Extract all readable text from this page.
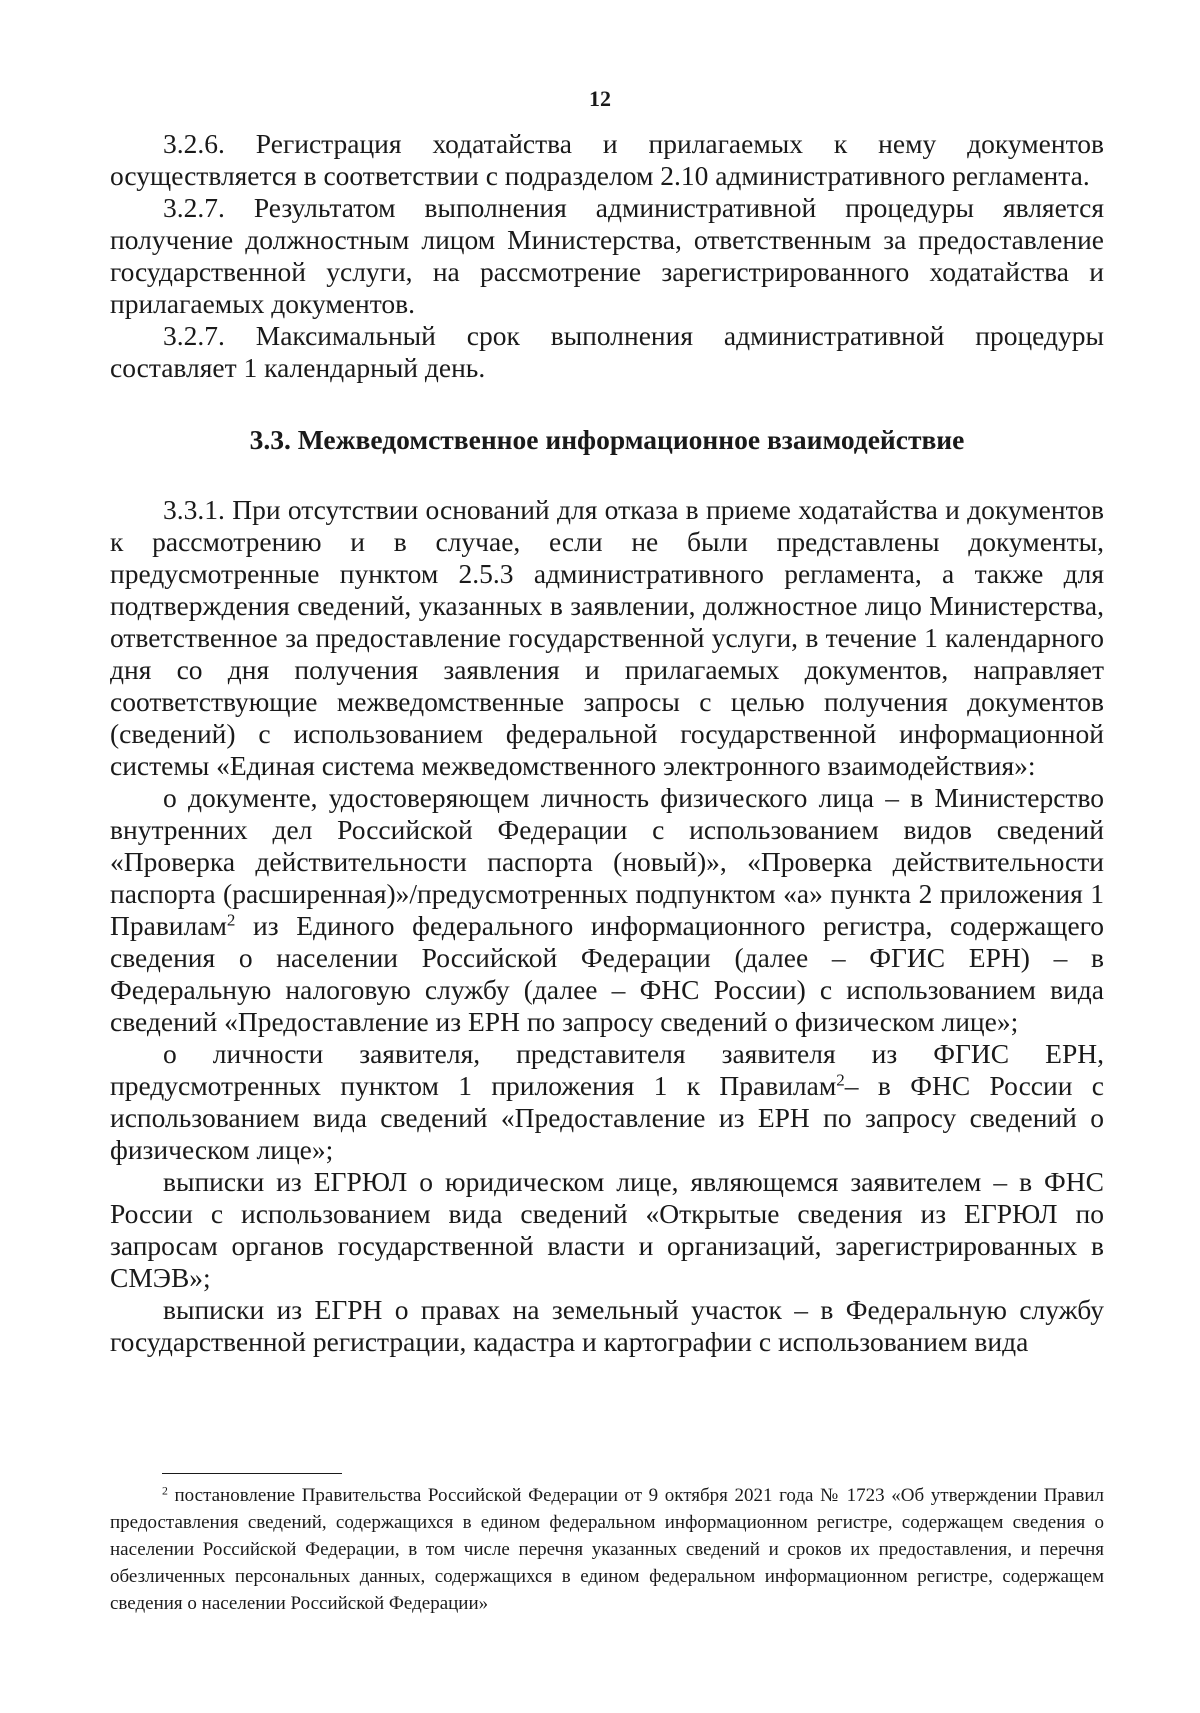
12
3.2.6. Регистрация ходатайства и прилагаемых к нему документов осуществляется в соответствии с подразделом 2.10 административного регламента.
3.2.7. Результатом выполнения административной процедуры является получение должностным лицом Министерства, ответственным за предоставление государственной услуги, на рассмотрение зарегистрированного ходатайства и прилагаемых документов.
3.2.7. Максимальный срок выполнения административной процедуры составляет 1 календарный день.
3.3. Межведомственное информационное взаимодействие
3.3.1. При отсутствии оснований для отказа в приеме ходатайства и документов к рассмотрению и в случае, если не были представлены документы, предусмотренные пунктом 2.5.3 административного регламента, а также для подтверждения сведений, указанных в заявлении, должностное лицо Министерства, ответственное за предоставление государственной услуги, в течение 1 календарного дня со дня получения заявления и прилагаемых документов, направляет соответствующие межведомственные запросы с целью получения документов (сведений) с использованием федеральной государственной информационной системы «Единая система межведомственного электронного взаимодействия»:
о документе, удостоверяющем личность физического лица – в Министерство внутренних дел Российской Федерации с использованием видов сведений «Проверка действительности паспорта (новый)», «Проверка действительности паспорта (расширенная)»/предусмотренных подпунктом «а» пункта 2 приложения 1 Правилам$^2$ из Единого федерального информационного регистра, содержащего сведения о населении Российской Федерации (далее – ФГИС ЕРН) – в Федеральную налоговую службу (далее – ФНС России) с использованием вида сведений «Предоставление из ЕРН по запросу сведений о физическом лице»;
о личности заявителя, представителя заявителя из ФГИС ЕРН, предусмотренных пунктом 1 приложения 1 к Правилам$^2$– в ФНС России с использованием вида сведений «Предоставление из ЕРН по запросу сведений о физическом лице»;
выписки из ЕГРЮЛ о юридическом лице, являющемся заявителем – в ФНС России с использованием вида сведений «Открытые сведения из ЕГРЮЛ по запросам органов государственной власти и организаций, зарегистрированных в СМЭВ»;
выписки из ЕГРН о правах на земельный участок – в Федеральную службу государственной регистрации, кадастра и картографии с использованием вида
$^2$ постановление Правительства Российской Федерации от 9 октября 2021 года № 1723 «Об утверждении Правил предоставления сведений, содержащихся в едином федеральном информационном регистре, содержащем сведения о населении Российской Федерации, в том числе перечня указанных сведений и сроков их предоставления, и перечня обезличенных персональных данных, содержащихся в едином федеральном информационном регистре, содержащем сведения о населении Российской Федерации»
